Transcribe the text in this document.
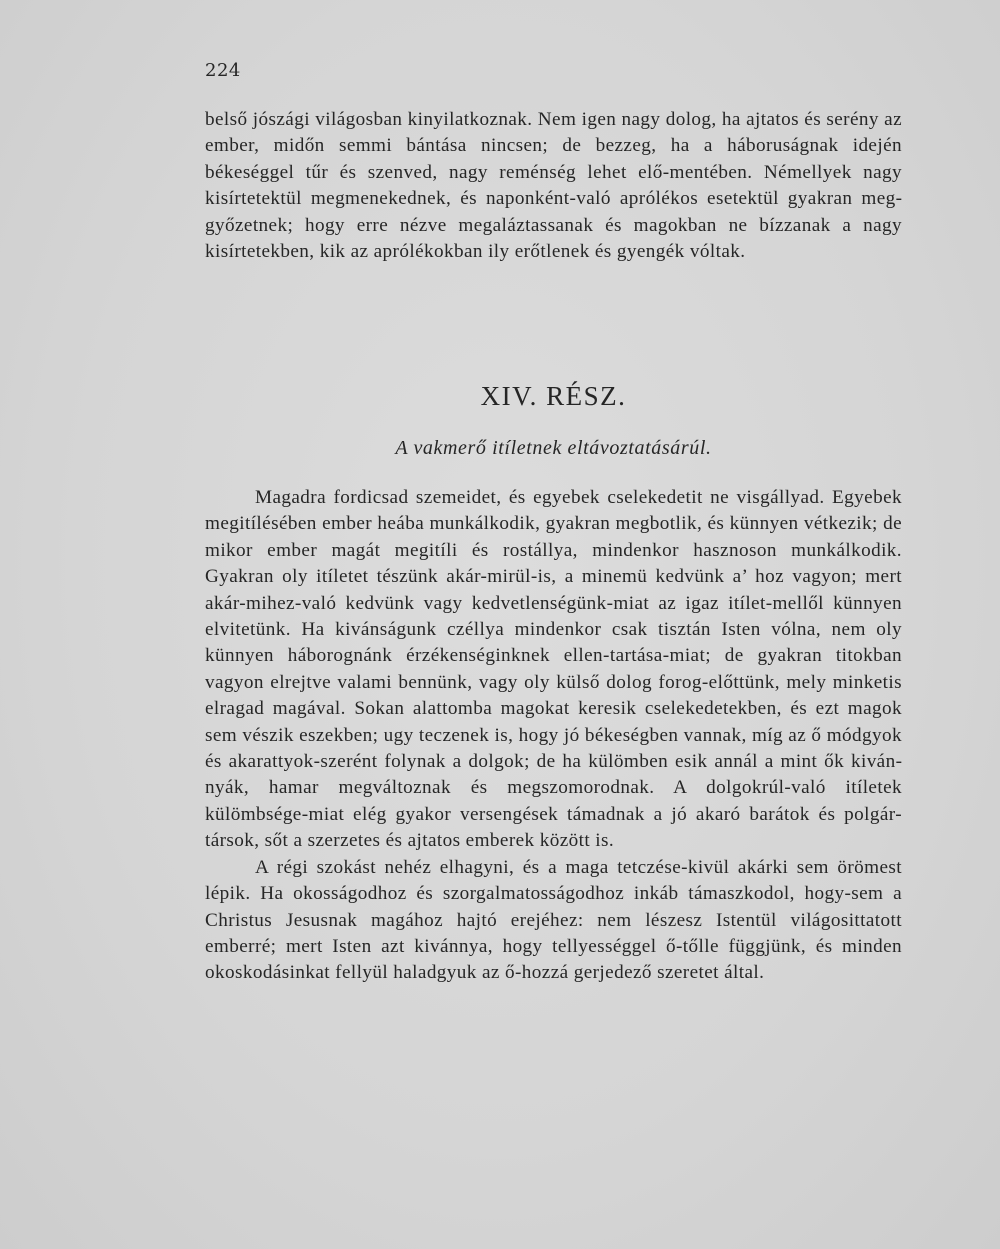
224

belső jószági világosban kinyilatkoznak. Nem igen nagy dolog, ha ajtatos és serény az ember, midőn semmi bántása nincsen; de bezzeg, ha a háboruságnak idején békeséggel tűr és szenved, nagy reménség lehet elő-mentében. Némellyek nagy kisírtetektül megmenekednek, és naponként-való aprólékos esetektül gyakran meggyőzetnek; hogy erre nézve megaláztassanak és magokban ne bízzanak a nagy kisírtetekben, kik az aprólékokban ily erőtlenek és gyengék vóltak.

XIV. RÉSZ.
A vakmerő itíletnek eltávoztatásárúl.

Magadra fordicsad szemeidet, és egyebek cselekedetit ne visgállyad. Egyebek megitílésében ember heába munkálkodik, gyakran megbotlik, és künnyen vétkezik; de mikor ember magát megitíli és rostállya, mindenkor hasznoson munkálkodik. Gyakran oly itíletet tészünk akár-mirül-is, a minemü kedvünk a’ hoz vagyon; mert akár-mihez-való kedvünk vagy kedvetlenségünk-miat az igaz itílet-mellől künnyen elvitetünk. Ha kivánságunk czéllya mindenkor csak tisztán Isten vólna, nem oly künnyen háborognánk érzékenséginknek ellen-tartása-miat; de gyakran titokban vagyon elrejtve valami bennünk, vagy oly külső dolog forog-előttünk, mely minketis elragad magával. Sokan alattomba magokat keresik cselekedetekben, és ezt magok sem vészik eszekben; ugy teczenek is, hogy jó békeségben vannak, míg az ő módgyok és akarattyok-szerént folynak a dolgok; de ha külömben esik annál a mint ők kivánnyák, hamar megváltoznak és megszomorodnak. A dolgokrúl-való itíletek külömbsége-miat elég gyakor versengések támadnak a jó akaró barátok és polgár-társok, sőt a szerzetes és ajtatos emberek között is.

A régi szokást nehéz elhagyni, és a maga tetczése-kivül akárki sem örömest lépik. Ha okosságodhoz és szorgalmatosságodhoz inkáb támaszkodol, hogy-sem a Christus Jesusnak magához hajtó erejéhez: nem lészesz Istentül világosittatott emberré; mert Isten azt kivánnya, hogy tellyességgel ő-tőlle függjünk, és minden okoskodásinkat fellyül haladgyuk az ő-hozzá gerjedező szeretet által.
